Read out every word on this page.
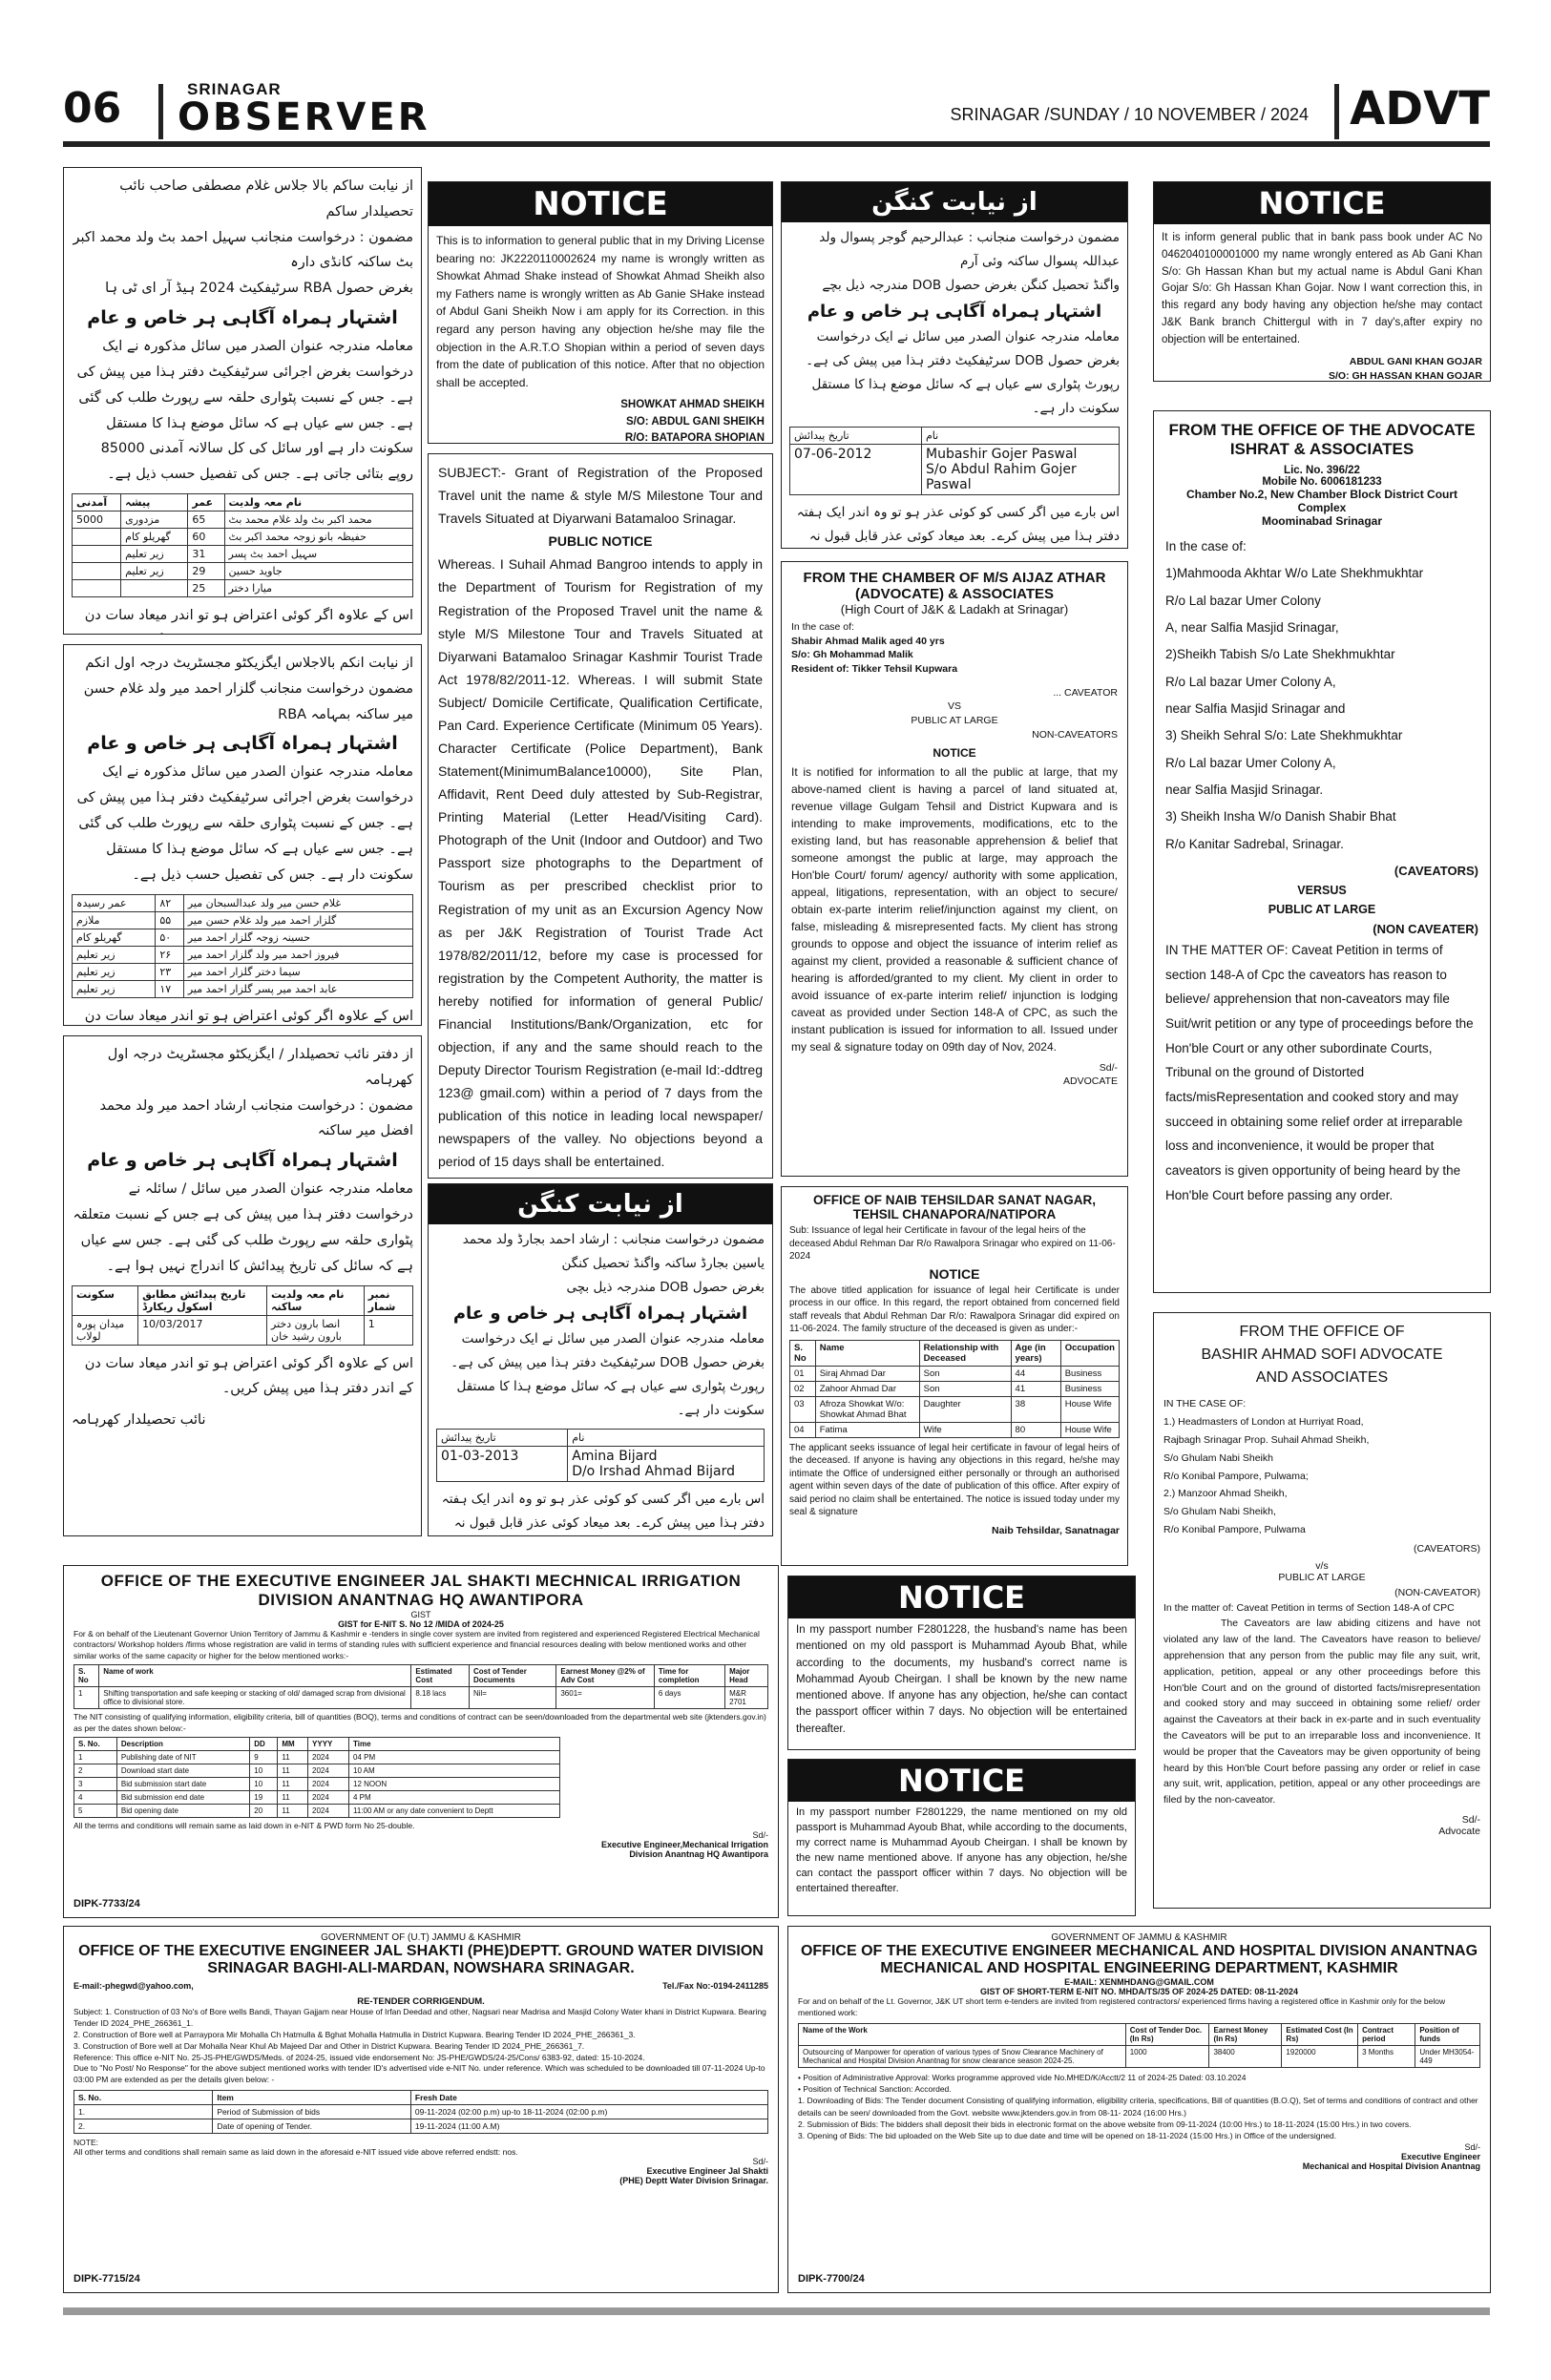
06	SRINAGAR
OBSERVER	SRINAGAR /SUNDAY / 10 NOVEMBER / 2024 ADVT
از نیابت ساکم بالا جلاس غلام مصطفی صاحب نائب تحصیلدار ساکم
مضمون : درخواست منجانب سہیل احمد بٹ ولد محمد اکبر بٹ ساکنہ کانڈی دارہ
بغرض حصول RBA سرٹیفکیٹ 2024 ہیڈ آر ای ٹی ہا
اشتہار ہمراہ آگاہی ہر خاص و عام
معاملہ مندرجہ عنوان الصدر میں سائل مذکورہ نے ایک درخواست بغرض اجرائی سرٹیفکیٹ دفتر ہذا میں پیش کی ہے۔ جس کے نسبت پٹواری حلقہ سے رپورٹ طلب کی گئی ہے۔ جس سے عیاں ہے کہ سائل موضع ہذا کا مستقل سکونت دار ہے اور سائل کی کل سالانہ آمدنی 85000 روپے بتائی جاتی ہے۔ جس کی تفصیل حسب ذیل ہے۔
نام معہ ولدیت	عمر	پیشہ	آمدنی
محمد اکبر بٹ ولد غلام محمد بٹ	65	مزدوری	5000
حفیظہ بانو زوجہ محمد اکبر بٹ	60	گھریلو کام	
سہیل احمد بٹ پسر	31	زیر تعلیم	
جاوید حسین	29	زیر تعلیم	
میارا دختر	25		
اس کے علاوہ اگر کوئی اعتراض ہو تو اندر میعاد سات دن
از نیابت انکم بالاجلاس ایگزیکٹو مجسٹریٹ درجہ اول انکم
مضمون درخواست منجانب گلزار احمد میر ولد غلام حسن میر ساکنہ بمہامہ RBA
اشتہار ہمراہ آگاہی ہر خاص و عام
معاملہ مندرجہ عنوان الصدر میں سائل مذکورہ نے ایک درخواست بغرض اجرائی سرٹیفکیٹ دفتر ہذا میں پیش کی ہے۔ جس کے نسبت پٹواری حلقہ سے رپورٹ طلب کی گئی ہے۔ جس سے عیاں ہے کہ سائل موضع ہذا کا مستقل سکونت دار ہے۔ جس کی تفصیل حسب ذیل ہے۔
غلام حسن میر ولد عبدالسبحان میر	۸۲	عمر رسیدہ
گلزار احمد میر ولد غلام حسن میر	۵۵	ملازم
حسینہ زوجہ گلزار احمد میر	۵۰	گھریلو کام
فیروز احمد میر ولد گلزار احمد میر	۲۶	زیر تعلیم
سیما دختر گلزار احمد میر	۲۳	زیر تعلیم
عابد احمد میر پسر گلزار احمد میر	۱۷	زیر تعلیم
اس کے علاوہ اگر کوئی اعتراض ہو تو اندر میعاد سات دن
از دفتر نائب تحصیلدار / ایگزیکٹو مجسٹریٹ درجہ اول کھرہامہ
مضمون : درخواست منجانب ارشاد احمد میر ولد محمد افضل میر ساکنہ
اشتہار ہمراہ آگاہی ہر خاص و عام
معاملہ مندرجہ عنوان الصدر میں سائل / سائلہ نے درخواست دفتر ہذا میں پیش کی ہے جس کے نسبت متعلقہ پٹواری حلقہ سے رپورٹ طلب کی گئی ہے۔ جس سے عیاں ہے کہ سائل کی تاریخ پیدائش کا اندراج نہیں ہوا ہے۔
نمبر شمار	نام معہ ولدیت ساکنہ	تاریخ پیدائش مطابق اسکول ریکارڈ	سکونت
1	انصا بارون دختر بارون رشید خان	10/03/2017	میدان پورہ لولاب
اس کے علاوہ اگر کوئی اعتراض ہو تو اندر میعاد سات دن کے اندر دفتر ہذا میں پیش کریں۔
نائب تحصیلدار کھرہامہ
NOTICE
This is to information to general public that in my Driving License bearing no: JK2220110002624 my name is wrongly written as Showkat Ahmad Shake instead of Showkat Ahmad Sheikh also my Fathers name is wrongly written as Ab Ganie SHake instead of Abdul Gani Sheikh Now i am apply for its Correction. in this regard any person having any objection he/she may file the objection in the A.R.T.O Shopian within a period of seven days from the date of publication of this notice. After that no objection shall be accepted.
SHOWKAT AHMAD SHEIKH
S/O: ABDUL GANI SHEIKH
R/O: BATAPORA SHOPIAN
SUBJECT:- Grant of Registration of the Proposed Travel unit the name & style M/S Milestone Tour and Travels Situated at Diyarwani Batamaloo Srinagar.
PUBLIC NOTICE
Whereas. I Suhail Ahmad Bangroo intends to apply in the Department of Tourism for Registration of my Registration of the Proposed Travel unit the name & style M/S Milestone Tour and Travels Situated at Diyarwani Batamaloo Srinagar Kashmir Tourist Trade Act 1978/82/2011-12. Whereas. I will submit State Subject/ Domicile Certificate, Qualification Certificate, Pan Card. Experience Certificate (Minimum 05 Years). Character Certificate (Police Department), Bank Statement(MinimumBalance10000), Site Plan, Affidavit, Rent Deed duly attested by Sub-Registrar, Printing Material (Letter Head/Visiting Card). Photograph of the Unit (Indoor and Outdoor) and Two Passport size photographs to the Department of Tourism as per prescribed checklist prior to Registration of my unit as an Excursion Agency Now as per J&K Registration of Tourist Trade Act 1978/82/2011/12, before my case is processed for registration by the Competent Authority, the matter is hereby notified for information of general Public/ Financial Institutions/Bank/Organization, etc for objection, if any and the same should reach to the Deputy Director Tourism Registration (e-mail Id:-ddtreg 123@ gmail.com) within a period of 7 days from the publication of this notice in leading local newspaper/ newspapers of the valley. No objections beyond a period of 15 days shall be entertained.
از نیابت کنگن
مضمون درخواست منجانب : ارشاد احمد بجارڈ ولد محمد یاسین بجارڈ ساکنہ واگنڈ تحصیل کنگن
بغرض حصول DOB مندرجہ ذیل بچی
اشتہار ہمراہ آگاہی ہر خاص و عام
معاملہ مندرجہ عنوان الصدر میں سائل نے ایک درخواست بغرض حصول DOB سرٹیفکیٹ دفتر ہذا میں پیش کی ہے۔ رپورٹ پٹواری سے عیاں ہے کہ سائل موضع ہذا کا مستقل سکونت دار ہے۔
تاریخ پیدائش	نام
01-03-2013	Amina Bijard
D/o Irshad Ahmad Bijard
اس بارے میں اگر کسی کو کوئی عذر ہو تو وہ اندر ایک ہفتہ دفتر ہذا میں پیش کرے۔ بعد میعاد کوئی عذر قابل قبول نہ
از نیابت کنگن
مضمون درخواست منجانب : عبدالرحیم گوجر پسوال ولد عبداللہ پسوال ساکنہ وئی آرم
واگنڈ تحصیل کنگن بغرض حصول DOB مندرجہ ذیل بچے
اشتہار ہمراہ آگاہی ہر خاص و عام
معاملہ مندرجہ عنوان الصدر میں سائل نے ایک درخواست بغرض حصول DOB سرٹیفکیٹ دفتر ہذا میں پیش کی ہے۔ رپورٹ پٹواری سے عیاں ہے کہ سائل موضع ہذا کا مستقل سکونت دار ہے۔
تاریخ پیدائش	نام
07-06-2012	Mubashir Gojer Paswal
S/o Abdul Rahim Gojer Paswal
اس بارے میں اگر کسی کو کوئی عذر ہو تو وہ اندر ایک ہفتہ دفتر ہذا میں پیش کرے۔ بعد میعاد کوئی عذر قابل قبول نہ
FROM THE CHAMBER OF M/S AIJAZ ATHAR
(ADVOCATE) & ASSOCIATES
(High Court of J&K & Ladakh at Srinagar)
In the case of:
Shabir Ahmad Malik aged 40 yrs
S/o: Gh Mohammad Malik
Resident of: Tikker Tehsil Kupwara
... CAVEATOR
VS
PUBLIC AT LARGE
NON-CAVEATORS
NOTICE
It is notified for information to all the public at large, that my above-named client is having a parcel of land situated at, revenue village Gulgam Tehsil and District Kupwara and is intending to make improvements, modifications, etc to the existing land, but has reasonable apprehension & belief that someone amongst the public at large, may approach the Hon'ble Court/ forum/ agency/ authority with some application, appeal, litigations, representation, with an object to secure/ obtain ex-parte interim relief/injunction against my client, on false, misleading & misrepresented facts. My client has strong grounds to oppose and object the issuance of interim relief as against my client, provided a reasonable & sufficient chance of hearing is afforded/granted to my client. My client in order to avoid issuance of ex-parte interim relief/ injunction is lodging caveat as provided under Section 148-A of CPC, as such the instant publication is issued for information to all. Issued under my seal & signature today on 09th day of Nov, 2024.
Sd/-
ADVOCATE
OFFICE OF NAIB TEHSILDAR SANAT NAGAR,
TEHSIL CHANAPORA/NATIPORA
Sub: Issuance of legal heir Certificate in favour of the legal heirs of the deceased Abdul Rehman Dar R/o Rawalpora Srinagar who expired on 11-06-2024
NOTICE
The above titled application for issuance of legal heir Certificate is under process in our office. In this regard, the report obtained from concerned field staff reveals that Abdul Rehman Dar R/o: Rawalpora Srinagar did expired on 11-06-2024. The family structure of the deceased is given as under:-
S. No	Name	Relationship with Deceased	Age (in years)	Occupation
01	Siraj Ahmad Dar	Son	44	Business
02	Zahoor Ahmad Dar	Son	41	Business
03	Afroza Showkat W/o: Showkat Ahmad Bhat	Daughter	38	House Wife
04	Fatima	Wife	80	House Wife
The applicant seeks issuance of legal heir certificate in favour of legal heirs of the deceased. If anyone is having any objections in this regard, he/she may intimate the Office of undersigned either personally or through an authorised agent within seven days of the date of publication of this office. After expiry of said period no claim shall be entertained. The notice is issued today under my seal & signature
Naib Tehsildar, Sanatnagar
NOTICE
It is inform general public that in bank pass book under AC No 0462040100001000 my name wrongly entered as Ab Gani Khan S/o: Gh Hassan Khan but my actual name is Abdul Gani Khan Gojar S/o: Gh Hassan Khan Gojar. Now I want correction this, in this regard any body having any objection he/she may contact J&K Bank branch Chittergul with in 7 day's,after expiry no objection will be entertained.
ABDUL GANI KHAN GOJAR
S/O: GH HASSAN KHAN GOJAR
FROM THE OFFICE OF THE ADVOCATE
ISHRAT & ASSOCIATES
Lic. No. 396/22
Mobile No. 6006181233
Chamber No.2, New Chamber Block District Court Complex
Moominabad Srinagar
In the case of:
1)Mahmooda Akhtar W/o Late Shekhmukhtar
R/o Lal bazar Umer Colony
A, near Salfia Masjid Srinagar,
2)Sheikh Tabish S/o Late Shekhmukhtar
R/o Lal bazar Umer Colony A,
near Salfia Masjid Srinagar and
3) Sheikh Sehral S/o: Late Shekhmukhtar
R/o Lal bazar Umer Colony A,
near Salfia Masjid Srinagar.
3) Sheikh Insha W/o Danish Shabir Bhat
R/o Kanitar Sadrebal, Srinagar.
(CAVEATORS)
VERSUS
PUBLIC AT LARGE
(NON CAVEATER)
IN THE MATTER OF: Caveat Petition in terms of section 148-A of Cpc the caveators has reason to believe/ apprehension that non-caveators may file Suit/writ petition or any type of proceedings before the Hon'ble Court or any other subordinate Courts, Tribunal on the ground of Distorted facts/misRepresentation and cooked story and may succeed in obtaining some relief order at irreparable loss and inconvenience, it would be proper that caveators is given opportunity of being heard by the Hon'ble Court before passing any order.
FROM THE OFFICE OF
BASHIR AHMAD SOFI ADVOCATE
AND ASSOCIATES
IN THE CASE OF:
1.) Headmasters of London at Hurriyat Road,
Rajbagh Srinagar Prop. Suhail Ahmad Sheikh,
S/o Ghulam Nabi Sheikh
R/o Konibal Pampore, Pulwama;
2.) Manzoor Ahmad Sheikh,
S/o Ghulam Nabi Sheikh,
R/o Konibal Pampore, Pulwama
(CAVEATORS)
v/s
PUBLIC AT LARGE
(NON-CAVEATOR)
In the matter of: Caveat Petition in terms of Section 148-A of CPC
The Caveators are law abiding citizens and have not violated any law of the land. The Caveators have reason to believe/ apprehension that any person from the public may file any suit, writ, application, petition, appeal or any other proceedings before this Hon'ble Court and on the ground of distorted facts/misrepresentation and cooked story and may succeed in obtaining some relief/ order against the Caveators at their back in ex-parte and in such eventuality the Caveators will be put to an irreparable loss and inconvenience. It would be proper that the Caveators may be given opportunity of being heard by this Hon'ble Court before passing any order or relief in case any suit, writ, application, petition, appeal or any other proceedings are filed by the non-caveator.
Sd/-
Advocate
NOTICE
In my passport number F2801228, the husband's name has been mentioned on my old passport is Muhammad Ayoub Bhat, while according to the documents, my husband's correct name is Mohammad Ayoub Cheirgan. I shall be known by the new name mentioned above. If anyone has any objection, he/she can contact the passport officer within 7 days. No objection will be entertained thereafter.
NOTICE
In my passport number F2801229, the name mentioned on my old passport is Muhammad Ayoub Bhat, while according to the documents, my correct name is Muhammad Ayoub Cheirgan. I shall be known by the new name mentioned above. If anyone has any objection, he/she can contact the passport officer within 7 days. No objection will be entertained thereafter.
OFFICE OF THE EXECUTIVE ENGINEER JAL SHAKTI MECHNICAL IRRIGATION
DIVISION ANANTNAG HQ AWANTIPORA
GIST
GIST for E-NIT S. No 12 /MIDA of 2024-25
For & on behalf of the Lieutenant Governor Union Territory of Jammu & Kashmir e -tenders in single cover system are invited from registered and experienced Registered Electrical Mechanical contractors/ Workshop holders /firms whose registration are valid in terms of standing rules with sufficient experience and financial resources dealing with below mentioned works and other similar works of the same capacity or higher for the below mentioned works:-
S. No	Name of work	Estimated Cost	Cost of Tender Documents	Earnest Money @2% of Adv Cost	Time for completion	Major Head
1	Shifting transportation and safe keeping or stacking of old/ damaged scrap from divisional office to divisional store.	8.18 lacs	Nil=	3601=	6 days	M&R 2701
The NIT consisting of qualifying information, eligibility criteria, bill of quantities (BOQ), terms and conditions of contract can be seen/downloaded from the departmental web site (jktenders.gov.in) as per the dates shown below:-
S. No.	Description	DD	MM	YYYY	Time
1	Publishing date of NIT	9	11	2024	04 PM
2	Download start date	10	11	2024	10 AM
3	Bid submission start date	10	11	2024	12 NOON
4	Bid submission end date	19	11	2024	4 PM
5	Bid opening date	20	11	2024	11:00 AM or any date convenient to Deptt
All the terms and conditions will remain same as laid down in e-NIT & PWD form No 25-double.
Sd/-
Executive Engineer,Mechanical Irrigation
Division Anantnag HQ Awantipora
DIPK-7733/24
GOVERNMENT OF (U.T) JAMMU & KASHMIR
OFFICE OF THE EXECUTIVE ENGINEER JAL SHAKTI (PHE)DEPTT. GROUND WATER DIVISION
SRINAGAR BAGHI-ALI-MARDAN, NOWSHARA SRINAGAR.
E-mail:-phegwd@yahoo.com,	Tel./Fax No:-0194-2411285
RE-TENDER CORRIGENDUM.
Subject: 1. Construction of 03 No's of Bore wells Bandi, Thayan Gajjam near House of Irfan Deedad and other, Nagsari near Madrisa and Masjid Colony Water khani in District Kupwara. Bearing Tender ID 2024_PHE_266361_1.
2. Construction of Bore well at Parraypora Mir Mohalla Ch Hatmulla & Bghat Mohalla Hatmulla in District Kupwara. Bearing Tender ID 2024_PHE_266361_3.
3. Construction of Bore well at Dar Mohalla Near Khul Ab Majeed Dar and Other in District Kupwara. Bearing Tender ID 2024_PHE_266361_7.
Reference: This office e-NIT No. 25-JS-PHE/GWDS/Meds. of 2024-25, issued vide endorsement No: JS-PHE/GWDS/24-25/Cons/ 6383-92, dated: 15-10-2024.
Due to "No Post/ No Response" for the above subject mentioned works with tender ID's advertised vide e-NIT No. under reference. Which was scheduled to be downloaded till 07-11-2024 Up-to 03:00 PM are extended as per the details given below: -
S. No.	Item	Fresh Date
1.	Period of Submission of bids	09-11-2024 (02:00 p.m) up-to 18-11-2024 (02:00 p.m)
2.	Date of opening of Tender.	19-11-2024 (11:00 A.M)
NOTE:
All other terms and conditions shall remain same as laid down in the aforesaid e-NIT issued vide above referred endstt: nos.
Sd/-
Executive Engineer Jal Shakti
(PHE) Deptt Water Division Srinagar.
DIPK-7715/24
GOVERNMENT OF JAMMU & KASHMIR
OFFICE OF THE EXECUTIVE ENGINEER MECHANICAL AND HOSPITAL DIVISION ANANTNAG
MECHANICAL AND HOSPITAL ENGINEERING DEPARTMENT, KASHMIR
E-MAIL: XENMHDANG@GMAIL.COM
GIST OF SHORT-TERM E-NIT NO. MHDA/TS/35 OF 2024-25 DATED: 08-11-2024
For and on behalf of the Lt. Governor, J&K UT short term e-tenders are invited from registered contractors/ experienced firms having a registered office in Kashmir only for the below mentioned work:
Name of the Work	Cost of Tender Doc. (In Rs)	Earnest Money (In Rs)	Estimated Cost (In Rs)	Contract period	Position of funds
Outsourcing of Manpower for operation of various types of Snow Clearance Machinery of Mechanical and Hospital Division Anantnag for snow clearance season 2024-25.	1000	38400	1920000	3 Months	Under MH3054-449
• Position of Administrative Approval: Works programme approved vide No.MHED/K/Acctt/2 11 of 2024-25 Dated: 03.10.2024
• Position of Technical Sanction: Accorded.
1. Downloading of Bids: The Tender document Consisting of qualifying information, eligibility criteria, specifications, Bill of quantities (B.O.Q), Set of terms and conditions of contract and other details can be seen/ downloaded from the Govt. website www.jktenders.gov.in from 08-11- 2024 (16:00 Hrs.)
2. Submission of Bids: The bidders shall deposit their bids in electronic format on the above website from 09-11-2024 (10:00 Hrs.) to 18-11-2024 (15:00 Hrs.) in two covers.
3. Opening of Bids: The bid uploaded on the Web Site up to due date and time will be opened on 18-11-2024 (15:00 Hrs.) in Office of the undersigned.
Sd/-
Executive Engineer
Mechanical and Hospital Division Anantnag
DIPK-7700/24
